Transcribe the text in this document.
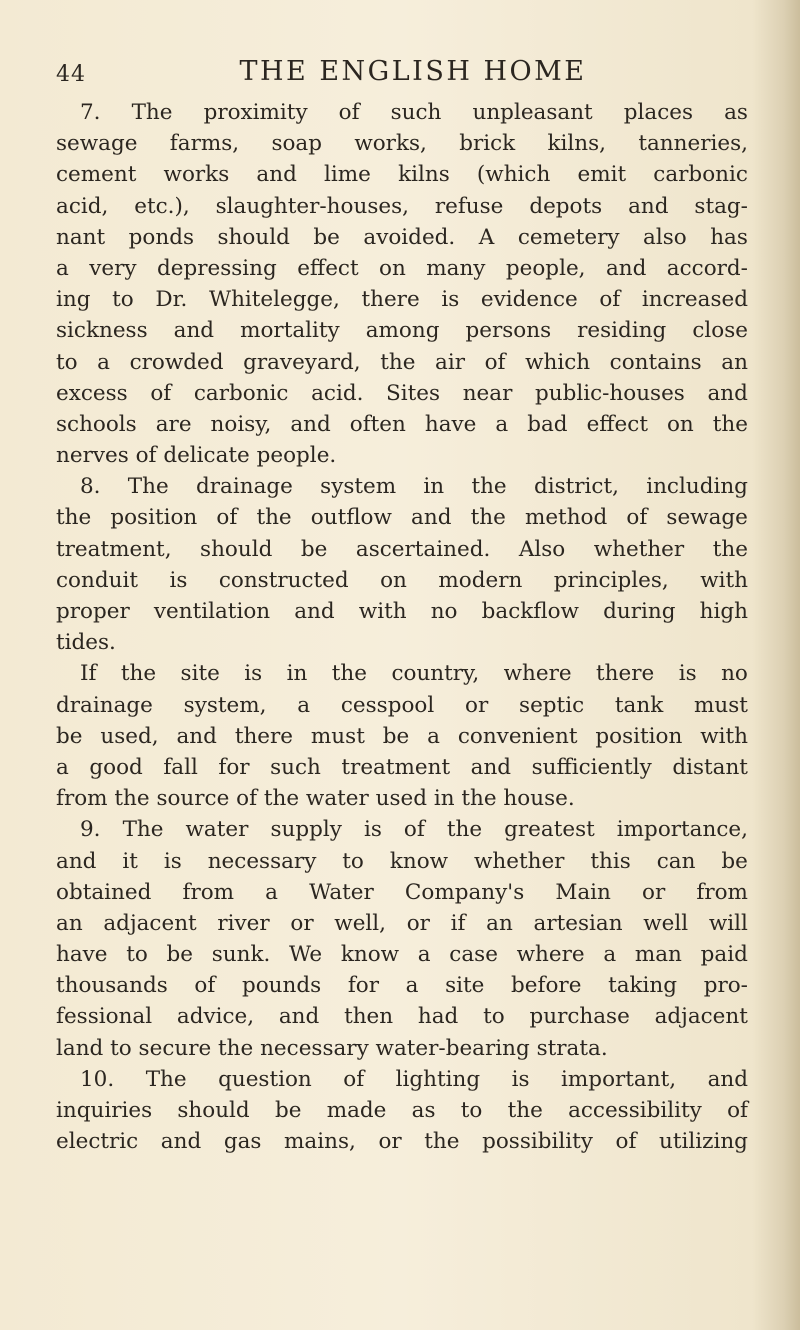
44	THE ENGLISH HOME
7. The proximity of such unpleasant places as
sewage farms, soap works, brick kilns, tanneries,
cement works and lime kilns (which emit carbonic
acid, etc.), slaughter-houses, refuse depots and stag-
nant ponds should be avoided. A cemetery also has
a very depressing effect on many people, and accord-
ing to Dr. Whitelegge, there is evidence of increased
sickness and mortality among persons residing close
to a crowded graveyard, the air of which contains an
excess of carbonic acid. Sites near public-houses and
schools are noisy, and often have a bad effect on the
nerves of delicate people.
8. The drainage system in the district, including
the position of the outflow and the method of sewage
treatment, should be ascertained. Also whether the
conduit is constructed on modern principles, with
proper ventilation and with no backflow during high
tides.
If the site is in the country, where there is no
drainage system, a cesspool or septic tank must
be used, and there must be a convenient position with
a good fall for such treatment and sufficiently distant
from the source of the water used in the house.
9. The water supply is of the greatest importance,
and it is necessary to know whether this can be
obtained from a Water Company's Main or from
an adjacent river or well, or if an artesian well will
have to be sunk. We know a case where a man paid
thousands of pounds for a site before taking pro-
fessional advice, and then had to purchase adjacent
land to secure the necessary water-bearing strata.
10. The question of lighting is important, and
inquiries should be made as to the accessibility of
electric and gas mains, or the possibility of utilizing
